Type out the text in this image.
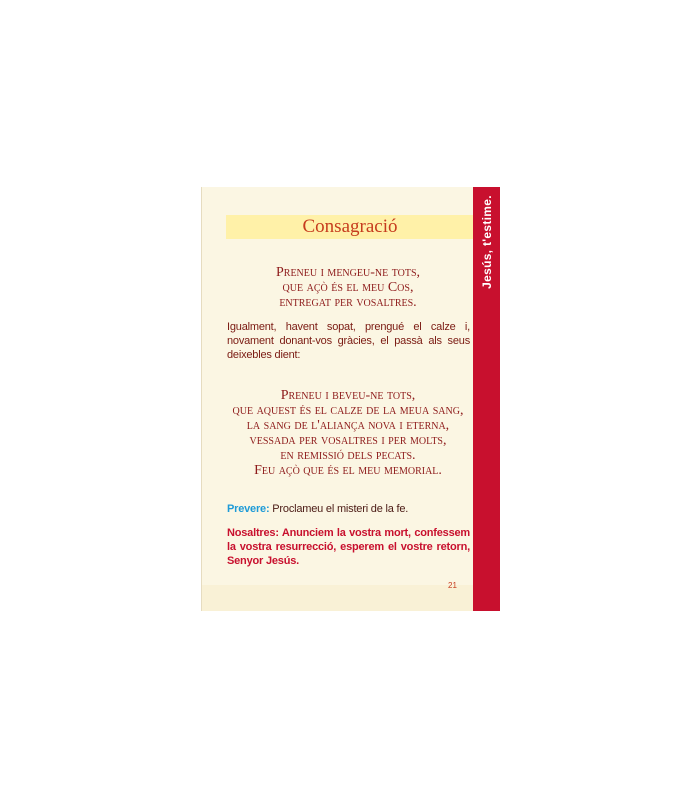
Consagració
Preneu i mengeu-ne tots,
que açò és el meu Cos,
entregat per vosaltres.
Igualment, havent sopat, prengué el calze i, novament donant-vos gràcies, el passà als seus deixebles dient:
Preneu i beveu-ne tots,
que aquest és el calze de la meua sang,
la sang de l'aliança nova i eterna,
vessada per vosaltres i per molts,
en remissió dels pecats.
Feu açò que és el meu memorial.
Prevere: Proclameu el misteri de la fe.
Nosaltres: Anunciem la vostra mort, confessem la vostra resurrecció, esperem el vostre retorn, Senyor Jesús.
21
Jesús, t'estime.
